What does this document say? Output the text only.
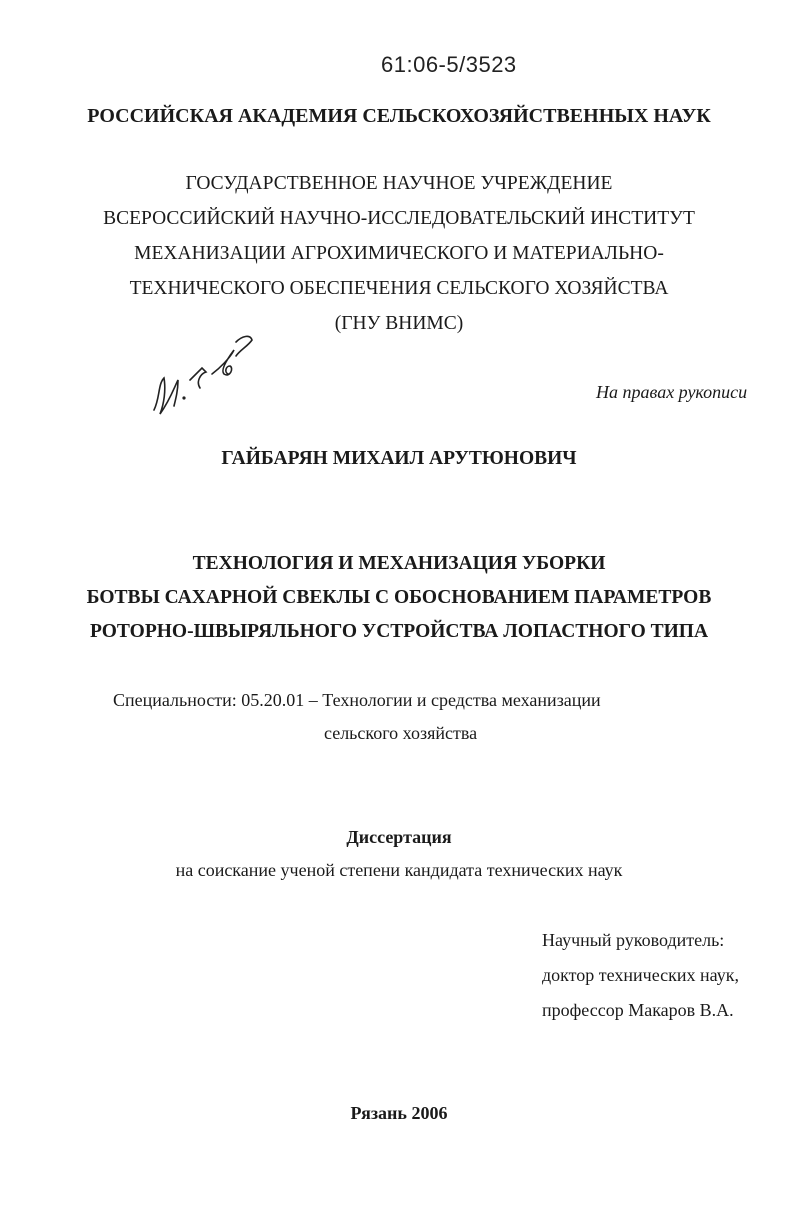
61:06-5/3523
РОССИЙСКАЯ АКАДЕМИЯ СЕЛЬСКОХОЗЯЙСТВЕННЫХ НАУК
ГОСУДАРСТВЕННОЕ НАУЧНОЕ УЧРЕЖДЕНИЕ
ВСЕРОССИЙСКИЙ НАУЧНО-ИССЛЕДОВАТЕЛЬСКИЙ ИНСТИТУТ
МЕХАНИЗАЦИИ АГРОХИМИЧЕСКОГО И МАТЕРИАЛЬНО-
ТЕХНИЧЕСКОГО ОБЕСПЕЧЕНИЯ СЕЛЬСКОГО ХОЗЯЙСТВА
(ГНУ ВНИМС)
На правах рукописи
ГАЙБАРЯН МИХАИЛ АРУТЮНОВИЧ
ТЕХНОЛОГИЯ И МЕХАНИЗАЦИЯ УБОРКИ
БОТВЫ САХАРНОЙ СВЕКЛЫ С ОБОСНОВАНИЕМ ПАРАМЕТРОВ
РОТОРНО-ШВЫРЯЛЬНОГО УСТРОЙСТВА ЛОПАСТНОГО ТИПА
Специальности: 05.20.01 – Технологии и средства механизации
сельского хозяйства
Диссертация
на соискание ученой степени кандидата технических наук
Научный руководитель:
доктор технических наук,
профессор Макаров В.А.
Рязань 2006
